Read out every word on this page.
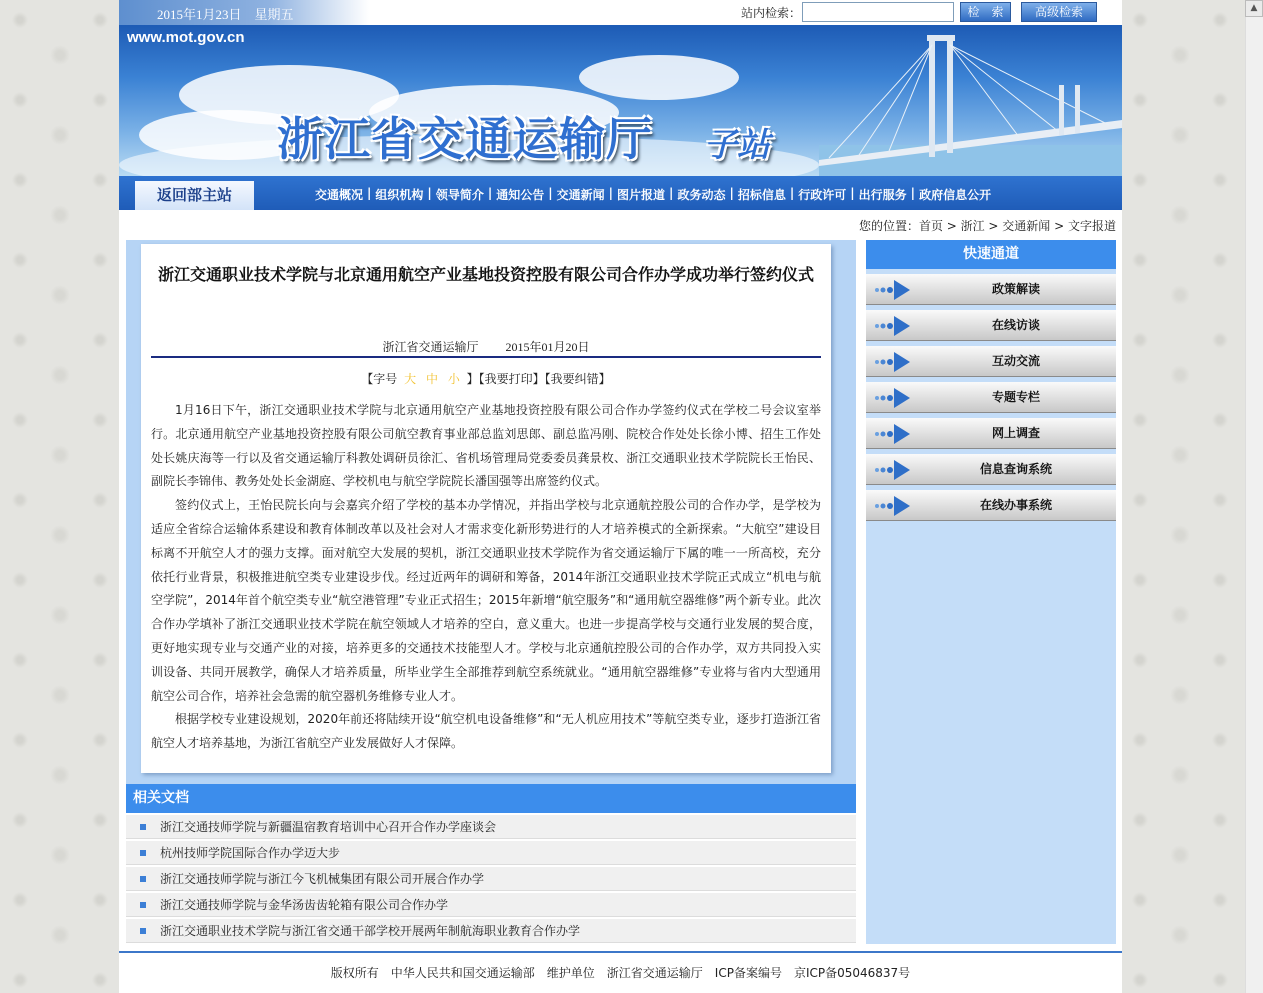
2015年1月23日　星期五	站内检索：	检　索	高级检索
www.mot.gov.cn
浙江省交通运输厅 子站
返回部主站	交通概况 | 组织机构 | 领导简介 | 通知公告 | 交通新闻 | 图片报道 | 政务动态 | 招标信息 | 行政许可 | 出行服务 | 政府信息公开
您的位置：首页 > 浙江 > 交通新闻 > 文字报道
浙江交通职业技术学院与北京通用航空产业基地投资控股有限公司合作办学成功举行签约仪式
浙江省交通运输厅 2015年01月20日
【字号 大 中 小 】【我要打印】【我要纠错】

1月16日下午，浙江交通职业技术学院与北京通用航空产业基地投资控股有限公司合作办学签约仪式在学校二号会议室举行。北京通用航空产业基地投资控股有限公司航空教育事业部总监刘思郎、副总监冯刚、院校合作处处长徐小博、招生工作处处长姚庆海等一行以及省交通运输厅科教处调研员徐汇、省机场管理局党委委员龚景枚、浙江交通职业技术学院院长王怡民、副院长李锦伟、教务处处长金湖庭、学校机电与航空学院院长潘国强等出席签约仪式。

签约仪式上，王怡民院长向与会嘉宾介绍了学校的基本办学情况，并指出学校与北京通航控股公司的合作办学，是学校为适应全省综合运输体系建设和教育体制改革以及社会对人才需求变化新形势进行的人才培养模式的全新探索。“大航空”建设目标离不开航空人才的强力支撑。面对航空大发展的契机，浙江交通职业技术学院作为省交通运输厅下属的唯一一所高校，充分依托行业背景，积极推进航空类专业建设步伐。经过近两年的调研和筹备，2014年浙江交通职业技术学院正式成立“机电与航空学院”，2014年首个航空类专业“航空港管理”专业正式招生；2015年新增“航空服务”和“通用航空器维修”两个新专业。此次合作办学填补了浙江交通职业技术学院在航空领域人才培养的空白，意义重大。也进一步提高学校与交通行业发展的契合度，更好地实现专业与交通产业的对接，培养更多的交通技术技能型人才。学校与北京通航控股公司的合作办学，双方共同投入实训设备、共同开展教学，确保人才培养质量，所毕业学生全部推荐到航空系统就业。“通用航空器维修”专业将与省内大型通用航空公司合作，培养社会急需的航空器机务维修专业人才。

根据学校专业建设规划，2020年前还将陆续开设“航空机电设备维修”和“无人机应用技术”等航空类专业，逐步打造浙江省航空人才培养基地，为浙江省航空产业发展做好人才保障。

相关文档
浙江交通技师学院与新疆温宿教育培训中心召开合作办学座谈会
杭州技师学院国际合作办学迈大步
浙江交通技师学院与浙江今飞机械集团有限公司开展合作办学
浙江交通技师学院与金华汤齿齿轮箱有限公司合作办学
浙江交通职业技术学院与浙江省交通干部学校开展两年制航海职业教育合作办学
快速通道
政策解读
在线访谈
互动交流
专题专栏
网上调查
信息查询系统
在线办事系统
版权所有　中华人民共和国交通运输部　维护单位　浙江省交通运输厅　ICP备案编号　京ICP备05046837号
▲
